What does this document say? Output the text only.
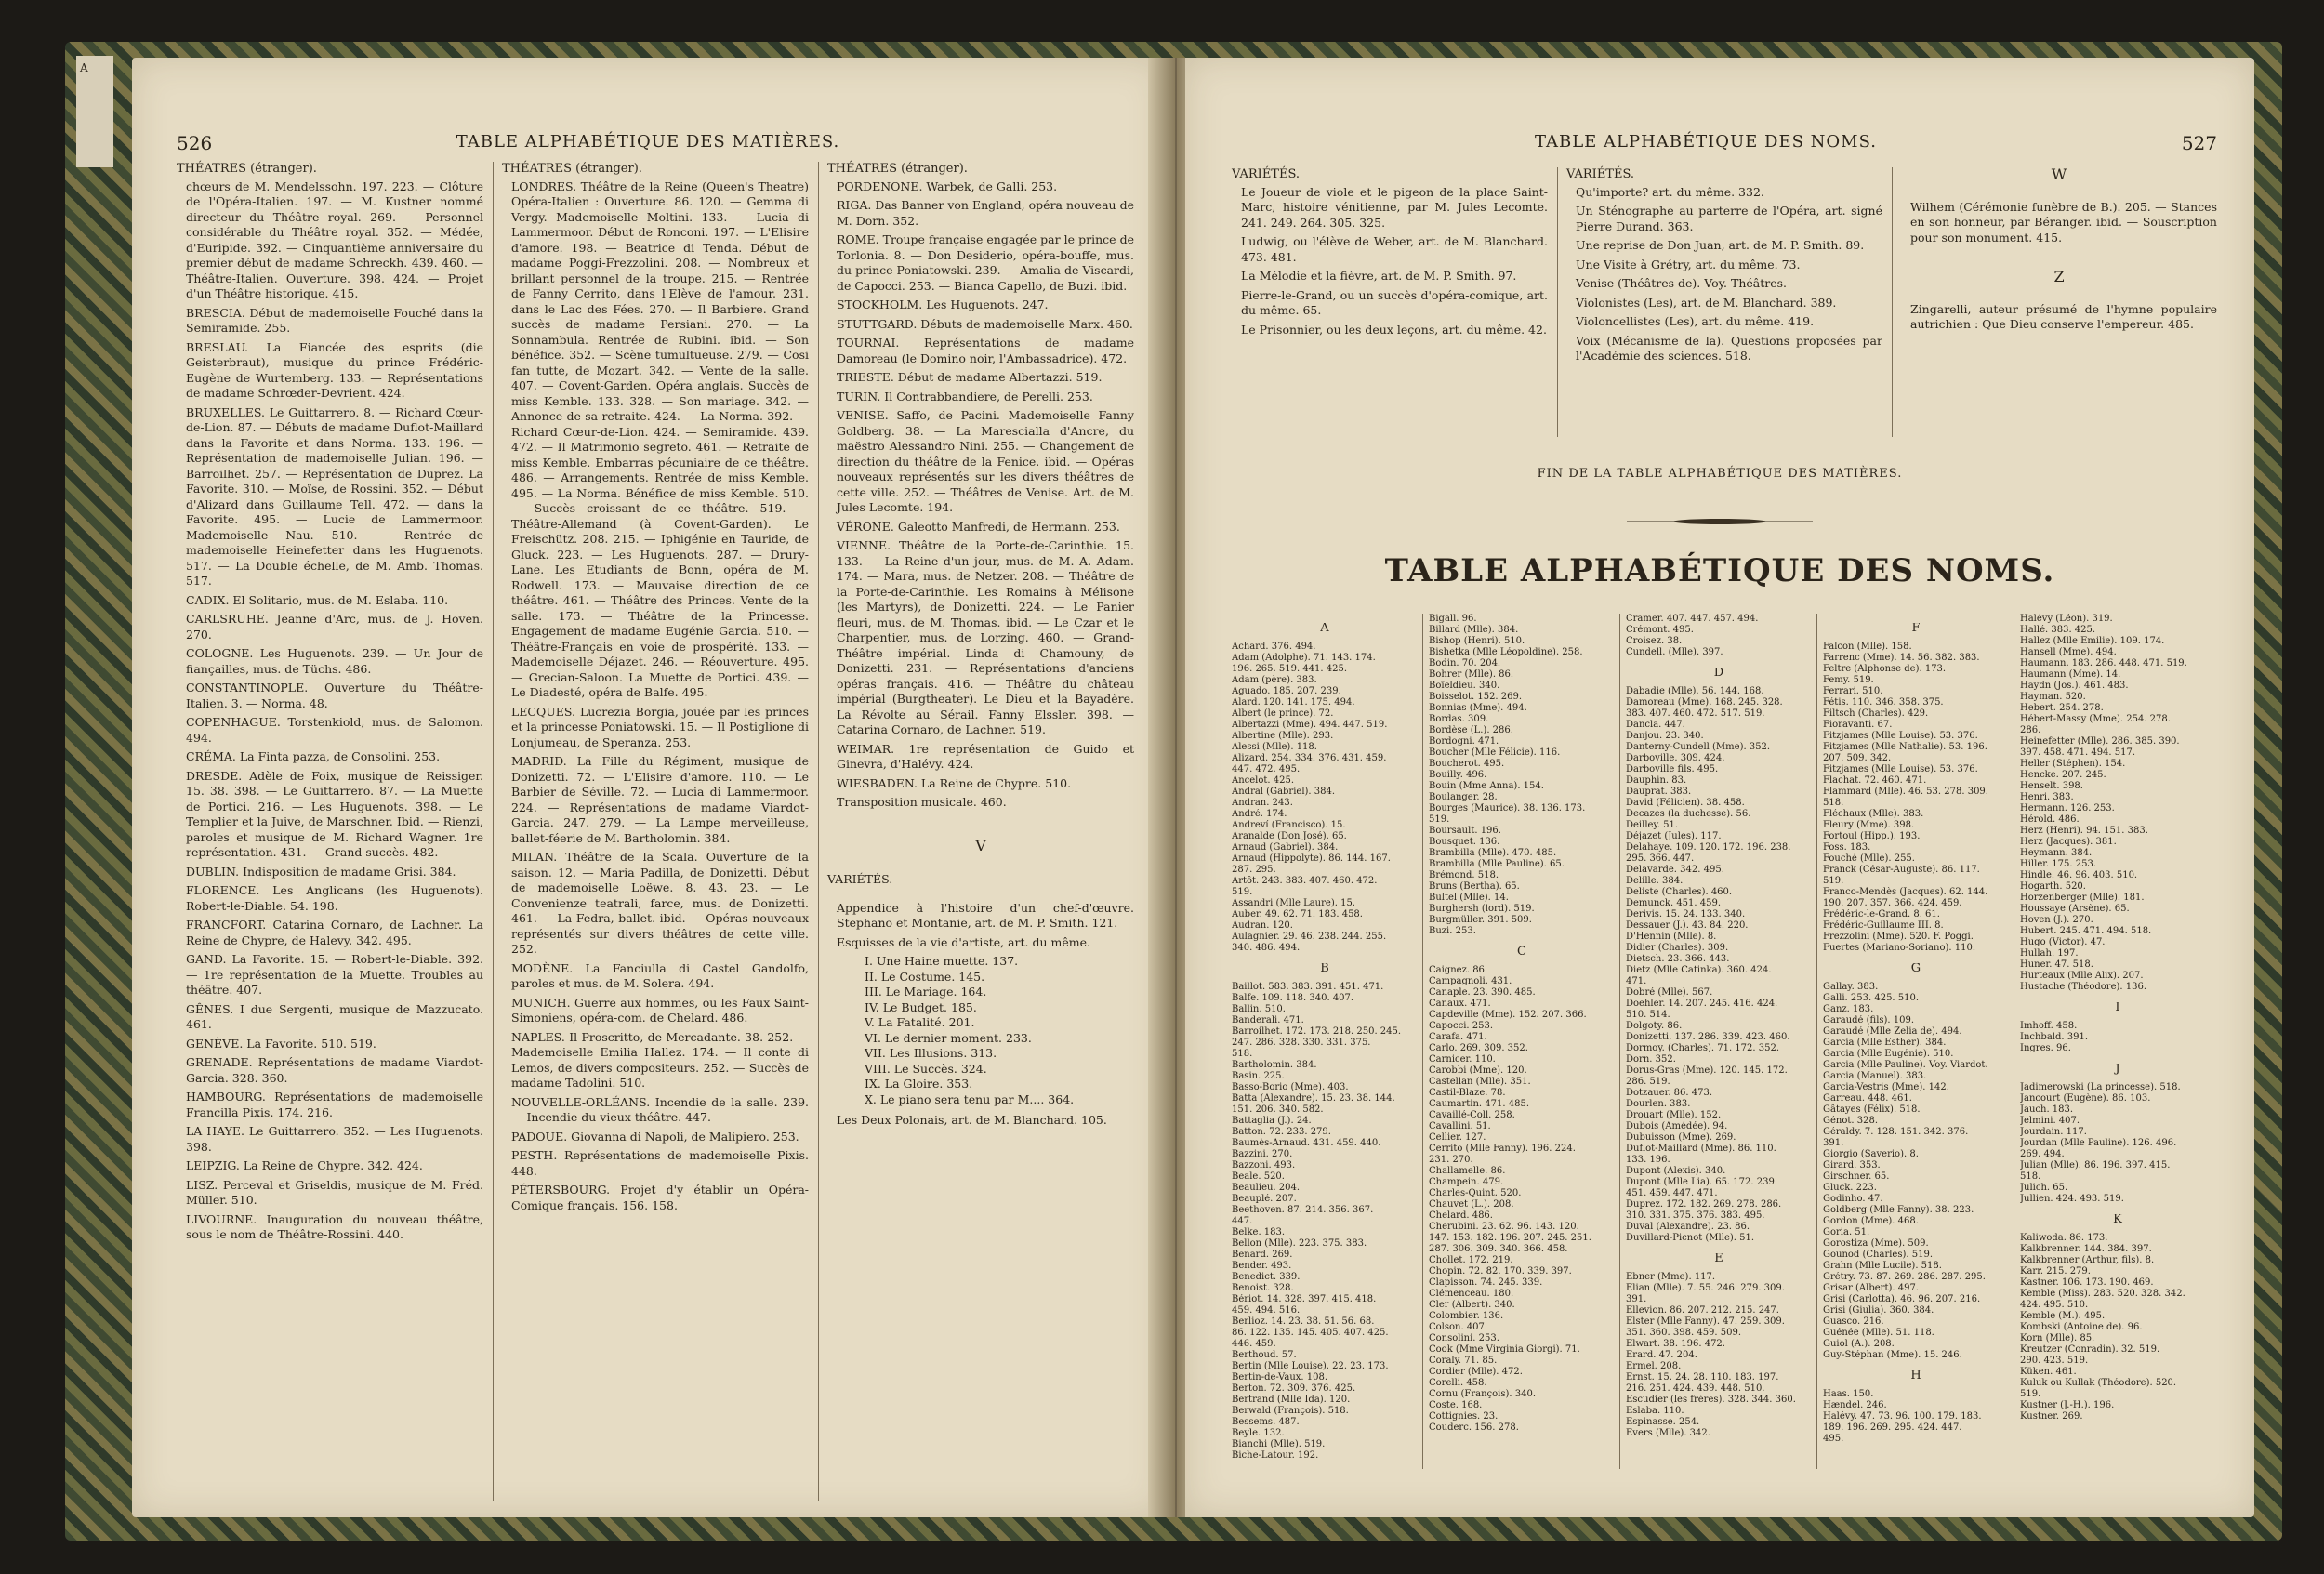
A
526	TABLE ALPHABÉTIQUE DES MATIÈRES.
THÉATRES (étranger).

chœurs de M. Mendelssohn. 197. 223. — Clôture de l'Opéra-Italien. 197. — M. Kustner nommé directeur du Théâtre royal. 269. — Personnel considérable du Théâtre royal. 352. — Médée, d'Euripide. 392. — Cinquantième anniversaire du premier début de madame Schreckh. 439. 460. — Théâtre-Italien. Ouverture. 398. 424. — Projet d'un Théâtre historique. 415.

BRESCIA. Début de mademoiselle Fouché dans la Semiramide. 255.

BRESLAU. La Fiancée des esprits (die Geisterbraut), musique du prince Frédéric-Eugène de Wurtemberg. 133. — Représentations de madame Schrœder-Devrient. 424.

BRUXELLES. Le Guittarrero. 8. — Richard Cœur-de-Lion. 87. — Débuts de madame Duflot-Maillard dans la Favorite et dans Norma. 133. 196. — Représentation de mademoiselle Julian. 196. — Barroilhet. 257. — Représentation de Duprez. La Favorite. 310. — Moïse, de Rossini. 352. — Début d'Alizard dans Guillaume Tell. 472. — dans la Favorite. 495. — Lucie de Lammermoor. Mademoiselle Nau. 510. — Rentrée de mademoiselle Heinefetter dans les Huguenots. 517. — La Double échelle, de M. Amb. Thomas. 517.

CADIX. El Solitario, mus. de M. Eslaba. 110.

CARLSRUHE. Jeanne d'Arc, mus. de J. Hoven. 270.

COLOGNE. Les Huguenots. 239. — Un Jour de fiançailles, mus. de Tüchs. 486.

CONSTANTINOPLE. Ouverture du Théâtre-Italien. 3. — Norma. 48.

COPENHAGUE. Torstenkiold, mus. de Salomon. 494.

CRÉMA. La Finta pazza, de Consolini. 253.

DRESDE. Adèle de Foix, musique de Reissiger. 15. 38. 398. — Le Guittarrero. 87. — La Muette de Portici. 216. — Les Huguenots. 398. — Le Templier et la Juive, de Marschner. Ibid. — Rienzi, paroles et musique de M. Richard Wagner. 1re représentation. 431. — Grand succès. 482.

DUBLIN. Indisposition de madame Grisi. 384.

FLORENCE. Les Anglicans (les Huguenots). Robert-le-Diable. 54. 198.

FRANCFORT. Catarina Cornaro, de Lachner. La Reine de Chypre, de Halevy. 342. 495.

GAND. La Favorite. 15. — Robert-le-Diable. 392. — 1re représentation de la Muette. Troubles au théâtre. 407.

GÊNES. I due Sergenti, musique de Mazzucato. 461.

GENÈVE. La Favorite. 510. 519.

GRENADE. Représentations de madame Viardot-Garcia. 328. 360.

HAMBOURG. Représentations de mademoiselle Francilla Pixis. 174. 216.

LA HAYE. Le Guittarrero. 352. — Les Huguenots. 398.

LEIPZIG. La Reine de Chypre. 342. 424.

LISZ. Perceval et Griseldis, musique de M. Fréd. Müller. 510.

LIVOURNE. Inauguration du nouveau théâtre, sous le nom de Théâtre-Rossini. 440.

THÉATRES (étranger).

LONDRES. Théâtre de la Reine (Queen's Theatre) Opéra-Italien : Ouverture. 86. 120. — Gemma di Vergy. Mademoiselle Moltini. 133. — Lucia di Lammermoor. Début de Ronconi. 197. — L'Elisire d'amore. 198. — Beatrice di Tenda. Début de madame Poggi-Frezzolini. 208. — Nombreux et brillant personnel de la troupe. 215. — Rentrée de Fanny Cerrito, dans l'Elève de l'amour. 231. dans le Lac des Fées. 270. — Il Barbiere. Grand succès de madame Persiani. 270. — La Sonnambula. Rentrée de Rubini. ibid. — Son bénéfice. 352. — Scène tumultueuse. 279. — Cosi fan tutte, de Mozart. 342. — Vente de la salle. 407. — Covent-Garden. Opéra anglais. Succès de miss Kemble. 133. 328. — Son mariage. 342. — Annonce de sa retraite. 424. — La Norma. 392. — Richard Cœur-de-Lion. 424. — Semiramide. 439. 472. — Il Matrimonio segreto. 461. — Retraite de miss Kemble. Embarras pécuniaire de ce théâtre. 486. — Arrangements. Rentrée de miss Kemble. 495. — La Norma. Bénéfice de miss Kemble. 510. — Succès croissant de ce théâtre. 519. — Théâtre-Allemand (à Covent-Garden). Le Freischütz. 208. 215. — Iphigénie en Tauride, de Gluck. 223. — Les Huguenots. 287. — Drury-Lane. Les Etudiants de Bonn, opéra de M. Rodwell. 173. — Mauvaise direction de ce théâtre. 461. — Théâtre des Princes. Vente de la salle. 173. — Théâtre de la Princesse. Engagement de madame Eugénie Garcia. 510. — Théâtre-Français en voie de prospérité. 133. — Mademoiselle Déjazet. 246. — Réouverture. 495. — Grecian-Saloon. La Muette de Portici. 439. — Le Diadesté, opéra de Balfe. 495.

LECQUES. Lucrezia Borgia, jouée par les princes et la princesse Poniatowski. 15. — Il Postiglione di Lonjumeau, de Speranza. 253.

MADRID. La Fille du Régiment, musique de Donizetti. 72. — L'Elisire d'amore. 110. — Le Barbier de Séville. 72. — Lucia di Lammermoor. 224. — Représentations de madame Viardot-Garcia. 247. 279. — La Lampe merveilleuse, ballet-féerie de M. Bartholomin. 384.

MILAN. Théâtre de la Scala. Ouverture de la saison. 12. — Maria Padilla, de Donizetti. Début de mademoiselle Loëwe. 8. 43. 23. — Le Convenienze teatrali, farce, mus. de Donizetti. 461. — La Fedra, ballet. ibid. — Opéras nouveaux représentés sur divers théâtres de cette ville. 252.

MODÈNE. La Fanciulla di Castel Gandolfo, paroles et mus. de M. Solera. 494.

MUNICH. Guerre aux hommes, ou les Faux Saint-Simoniens, opéra-com. de Chelard. 486.

NAPLES. Il Proscritto, de Mercadante. 38. 252. — Mademoiselle Emilia Hallez. 174. — Il conte di Lemos, de divers compositeurs. 252. — Succès de madame Tadolini. 510.

NOUVELLE-ORLÉANS. Incendie de la salle. 239. — Incendie du vieux théâtre. 447.

PADOUE. Giovanna di Napoli, de Malipiero. 253.

PESTH. Représentations de mademoiselle Pixis. 448.

PÉTERSBOURG. Projet d'y établir un Opéra-Comique français. 156. 158.

THÉATRES (étranger).

PORDENONE. Warbek, de Galli. 253.

RIGA. Das Banner von England, opéra nouveau de M. Dorn. 352.

ROME. Troupe française engagée par le prince de Torlonia. 8. — Don Desiderio, opéra-bouffe, mus. du prince Poniatowski. 239. — Amalia de Viscardi, de Capocci. 253. — Bianca Capello, de Buzi. ibid.

STOCKHOLM. Les Huguenots. 247.

STUTTGARD. Débuts de mademoiselle Marx. 460.

TOURNAI. Représentations de madame Damoreau (le Domino noir, l'Ambassadrice). 472.

TRIESTE. Début de madame Albertazzi. 519.

TURIN. Il Contrabbandiere, de Perelli. 253.

VENISE. Saffo, de Pacini. Mademoiselle Fanny Goldberg. 38. — La Marescialla d'Ancre, du maëstro Alessandro Nini. 255. — Changement de direction du théâtre de la Fenice. ibid. — Opéras nouveaux représentés sur les divers théâtres de cette ville. 252. — Théâtres de Venise. Art. de M. Jules Lecomte. 194.

VÉRONE. Galeotto Manfredi, de Hermann. 253.

VIENNE. Théâtre de la Porte-de-Carinthie. 15. 133. — La Reine d'un jour, mus. de M. A. Adam. 174. — Mara, mus. de Netzer. 208. — Théâtre de la Porte-de-Carinthie. Les Romains à Mélisone (les Martyrs), de Donizetti. 224. — Le Panier fleuri, mus. de M. Thomas. ibid. — Le Czar et le Charpentier, mus. de Lorzing. 460. — Grand-Théâtre impérial. Linda di Chamouny, de Donizetti. 231. — Représentations d'anciens opéras français. 416. — Théâtre du château impérial (Burgtheater). Le Dieu et la Bayadère. La Révolte au Sérail. Fanny Elssler. 398. — Catarina Cornaro, de Lachner. 519.

WEIMAR. 1re représentation de Guido et Ginevra, d'Halévy. 424.

WIESBADEN. La Reine de Chypre. 510.

Transposition musicale. 460.

V
VARIÉTÉS.

Appendice à l'histoire d'un chef-d'œuvre. Stephano et Montanie, art. de M. P. Smith. 121.

Esquisses de la vie d'artiste, art. du même.

I. Une Haine muette. 137.
II. Le Costume. 145.
III. Le Mariage. 164.
IV. Le Budget. 185.
V. La Fatalité. 201.
VI. Le dernier moment. 233.
VII. Les Illusions. 313.
VIII. Le Succès. 324.
IX. La Gloire. 353.
X. Le piano sera tenu par M.... 364.

Les Deux Polonais, art. de M. Blanchard. 105.

TABLE ALPHABÉTIQUE DES NOMS.	527
VARIÉTÉS.

Le Joueur de viole et le pigeon de la place Saint-Marc, histoire vénitienne, par M. Jules Lecomte. 241. 249. 264. 305. 325.

Ludwig, ou l'élève de Weber, art. de M. Blanchard. 473. 481.

La Mélodie et la fièvre, art. de M. P. Smith. 97.

Pierre-le-Grand, ou un succès d'opéra-comique, art. du même. 65.

Le Prisonnier, ou les deux leçons, art. du même. 42.

VARIÉTÉS.

Qu'importe? art. du même. 332.

Un Sténographe au parterre de l'Opéra, art. signé Pierre Durand. 363.

Une reprise de Don Juan, art. de M. P. Smith. 89.

Une Visite à Grétry, art. du même. 73.

Venise (Théâtres de). Voy. Théâtres.

Violonistes (Les), art. de M. Blanchard. 389.

Violoncellistes (Les), art. du même. 419.

Voix (Mécanisme de la). Questions proposées par l'Académie des sciences. 518.

W

Wilhem (Cérémonie funèbre de B.). 205. — Stances en son honneur, par Béranger. ibid. — Souscription pour son monument. 415.

Z

Zingarelli, auteur présumé de l'hymne populaire autrichien : Que Dieu conserve l'empereur. 485.

FIN DE LA TABLE ALPHABÉTIQUE DES MATIÈRES.
TABLE ALPHABÉTIQUE DES NOMS.
A
Achard. 376. 494.
Adam (Adolphe). 71. 143. 174.
196. 265. 519. 441. 425.
Adam (père). 383.
Aguado. 185. 207. 239.
Alard. 120. 141. 175. 494.
Albert (le prince). 72.
Albertazzi (Mme). 494. 447. 519.
Albertine (Mlle). 293.
Alessi (Mlle). 118.
Alizard. 254. 334. 376. 431. 459.
447. 472. 495.
Ancelot. 425.
Andral (Gabriel). 384.
Andran. 243.
André. 174.
Andreví (Francisco). 15.
Aranalde (Don José). 65.
Arnaud (Gabriel). 384.
Arnaud (Hippolyte). 86. 144. 167.
287. 295.
Artôt. 243. 383. 407. 460. 472.
519.
Assandri (Mlle Laure). 15.
Auber. 49. 62. 71. 183. 458.
Audran. 120.
Aulagnier. 29. 46. 238. 244. 255.
340. 486. 494.
B
Baillot. 583. 383. 391. 451. 471.
Balfe. 109. 118. 340. 407.
Ballin. 510.
Banderali. 471.
Barroilhet. 172. 173. 218. 250. 245.
247. 286. 328. 330. 331. 375.
518.
Bartholomin. 384.
Basin. 225.
Basso-Borio (Mme). 403.
Batta (Alexandre). 15. 23. 38. 144.
151. 206. 340. 582.
Battaglia (J.). 24.
Batton. 72. 233. 279.
Baumès-Arnaud. 431. 459. 440.
Bazzini. 270.
Bazzoni. 493.
Beale. 520.
Beaulieu. 204.
Beauplé. 207.
Beethoven. 87. 214. 356. 367.
447.
Belke. 183.
Bellon (Mlle). 223. 375. 383.
Benard. 269.
Bender. 493.
Benedict. 339.
Benoist. 328.
Bériot. 14. 328. 397. 415. 418.
459. 494. 516.
Berlioz. 14. 23. 38. 51. 56. 68.
86. 122. 135. 145. 405. 407. 425.
446. 459.
Berthoud. 57.
Bertin (Mlle Louise). 22. 23. 173.
Bertin-de-Vaux. 108.
Berton. 72. 309. 376. 425.
Bertrand (Mlle Ida). 120.
Berwald (François). 518.
Bessems. 487.
Beyle. 132.
Bianchi (Mlle). 519.
Biche-Latour. 192.
Bigall. 96.
Billard (Mlle). 384.
Bishop (Henri). 510.
Bishetka (Mlle Léopoldine). 258.
Bodin. 70. 204.
Bohrer (Mlle). 86.
Boïeldieu. 340.
Boisselot. 152. 269.
Bonnias (Mme). 494.
Bordas. 309.
Bordèse (L.). 286.
Bordogni. 471.
Boucher (Mlle Félicie). 116.
Boucherot. 495.
Bouilly. 496.
Bouin (Mme Anna). 154.
Boulanger. 28.
Bourges (Maurice). 38. 136. 173.
519.
Boursault. 196.
Bousquet. 136.
Brambilla (Mlle). 470. 485.
Brambilla (Mlle Pauline). 65.
Brémond. 518.
Bruns (Bertha). 65.
Bultel (Mlle). 14.
Burghersh (lord). 519.
Burgmüller. 391. 509.
Buzi. 253.
C
Caignez. 86.
Campagnoli. 431.
Canaple. 23. 390. 485.
Canaux. 471.
Capdeville (Mme). 152. 207. 366.
Capocci. 253.
Carafa. 471.
Carlo. 269. 309. 352.
Carnicer. 110.
Carobbi (Mme). 120.
Castellan (Mlle). 351.
Castil-Blaze. 78.
Caumartin. 471. 485.
Cavaillé-Coll. 258.
Cavallini. 51.
Cellier. 127.
Cerrito (Mlle Fanny). 196. 224.
231. 270.
Challamelle. 86.
Champein. 479.
Charles-Quint. 520.
Chauvet (L.). 208.
Chelard. 486.
Cherubini. 23. 62. 96. 143. 120.
147. 153. 182. 196. 207. 245. 251.
287. 306. 309. 340. 366. 458.
Chollet. 172. 219.
Chopin. 72. 82. 170. 339. 397.
Clapisson. 74. 245. 339.
Clémenceau. 180.
Cler (Albert). 340.
Colombier. 136.
Colson. 407.
Consolini. 253.
Cook (Mme Virginia Giorgi). 71.
Coraly. 71. 85.
Cordier (Mlle). 472.
Corelli. 458.
Cornu (François). 340.
Coste. 168.
Cottignies. 23.
Couderc. 156. 278.
Cramer. 407. 447. 457. 494.
Crémont. 495.
Croisez. 38.
Cundell. (Mlle). 397.
D
Dabadie (Mlle). 56. 144. 168.
Damoreau (Mme). 168. 245. 328.
383. 407. 460. 472. 517. 519.
Dancla. 447.
Danjou. 23. 340.
Danterny-Cundell (Mme). 352.
Darboville. 309. 424.
Darboville fils. 495.
Dauphin. 83.
Dauprat. 383.
David (Félicien). 38. 458.
Decazes (la duchesse). 56.
Deilley. 51.
Déjazet (Jules). 117.
Delahaye. 109. 120. 172. 196. 238.
295. 366. 447.
Delavarde. 342. 495.
Delille. 384.
Deliste (Charles). 460.
Demunck. 451. 459.
Derivis. 15. 24. 133. 340.
Dessauer (J.). 43. 84. 220.
D'Hennin (Mlle). 8.
Didier (Charles). 309.
Dietsch. 23. 366. 443.
Dietz (Mlle Catinka). 360. 424.
471.
Dobré (Mlle). 567.
Doehler. 14. 207. 245. 416. 424.
510. 514.
Dolgoty. 86.
Donizetti. 137. 286. 339. 423. 460.
Dormoy. (Charles). 71. 172. 352.
Dorn. 352.
Dorus-Gras (Mme). 120. 145. 172.
286. 519.
Dotzauer. 86. 473.
Dourlen. 383.
Drouart (Mlle). 152.
Dubois (Amédée). 94.
Dubuisson (Mme). 269.
Duflot-Maillard (Mme). 86. 110.
133. 196.
Dupont (Alexis). 340.
Dupont (Mlle Lia). 65. 172. 239.
451. 459. 447. 471.
Duprez. 172. 182. 269. 278. 286.
310. 331. 375. 376. 383. 495.
Duval (Alexandre). 23. 86.
Duvillard-Picnot (Mlle). 51.
E
Ebner (Mme). 117.
Elian (Mlle). 7. 55. 246. 279. 309.
391.
Ellevion. 86. 207. 212. 215. 247.
Elster (Mlle Fanny). 47. 259. 309.
351. 360. 398. 459. 509.
Elwart. 38. 196. 472.
Erard. 47. 204.
Ermel. 208.
Ernst. 15. 24. 28. 110. 183. 197.
216. 251. 424. 439. 448. 510.
Escudier (les frères). 328. 344. 360.
Eslaba. 110.
Espinasse. 254.
Evers (Mlle). 342.
F
Falcon (Mlle). 158.
Farrenc (Mme). 14. 56. 382. 383.
Feltre (Alphonse de). 173.
Femy. 519.
Ferrari. 510.
Fétis. 110. 346. 358. 375.
Filtsch (Charles). 429.
Fioravanti. 67.
Fitzjames (Mlle Louise). 53. 376.
Fitzjames (Mlle Nathalie). 53. 196.
207. 509. 342.
Fitzjames (Mlle Louise). 53. 376.
Flachat. 72. 460. 471.
Flammard (Mlle). 46. 53. 278. 309.
518.
Fléchaux (Mlle). 383.
Fleury (Mme). 398.
Fortoul (Hipp.). 193.
Foss. 183.
Fouché (Mlle). 255.
Franck (César-Auguste). 86. 117.
519.
Franco-Mendès (Jacques). 62. 144.
190. 207. 357. 366. 424. 459.
Frédéric-le-Grand. 8. 61.
Frédéric-Guillaume III. 8.
Frezzolini (Mme). 520. F. Poggi.
Fuertes (Mariano-Soriano). 110.
G
Gallay. 383.
Galli. 253. 425. 510.
Ganz. 183.
Garaudé (fils). 109.
Garaudé (Mlle Zelia de). 494.
Garcia (Mlle Esther). 384.
Garcia (Mlle Eugénie). 510.
Garcia (Mlle Pauline). Voy. Viardot.
Garcia (Manuel). 383.
Garcia-Vestris (Mme). 142.
Garreau. 448. 461.
Gâtayes (Félix). 518.
Génot. 328.
Géraldy. 7. 128. 151. 342. 376.
391.
Giorgio (Saverio). 8.
Girard. 353.
Girschner. 65.
Gluck. 223.
Godinho. 47.
Goldberg (Mlle Fanny). 38. 223.
Gordon (Mme). 468.
Goria. 51.
Gorostiza (Mme). 509.
Gounod (Charles). 519.
Grahn (Mlle Lucile). 518.
Grétry. 73. 87. 269. 286. 287. 295.
Grisar (Albert). 497.
Grisi (Carlotta). 46. 96. 207. 216.
Grisi (Giulia). 360. 384.
Guasco. 216.
Guénée (Mlle). 51. 118.
Guiol (A.). 208.
Guy-Stéphan (Mme). 15. 246.
H
Haas. 150.
Hændel. 246.
Halévy. 47. 73. 96. 100. 179. 183.
189. 196. 269. 295. 424. 447.
495.
Halévy (Léon). 319.
Hallé. 383. 425.
Hallez (Mlle Emilie). 109. 174.
Hansell (Mme). 494.
Haumann. 183. 286. 448. 471. 519.
Haumann (Mme). 14.
Haydn (Jos.). 461. 483.
Hayman. 520.
Hebert. 254. 278.
Hébert-Massy (Mme). 254. 278.
286.
Heinefetter (Mlle). 286. 385. 390.
397. 458. 471. 494. 517.
Heller (Stéphen). 154.
Hencke. 207. 245.
Henselt. 398.
Henri. 383.
Hermann. 126. 253.
Hérold. 486.
Herz (Henri). 94. 151. 383.
Herz (Jacques). 381.
Heymann. 384.
Hiller. 175. 253.
Hindle. 46. 96. 403. 510.
Hogarth. 520.
Horzenberger (Mlle). 181.
Houssaye (Arsène). 65.
Hoven (J.). 270.
Hubert. 245. 471. 494. 518.
Hugo (Victor). 47.
Hullah. 197.
Huner. 47. 518.
Hurteaux (Mlle Alix). 207.
Hustache (Théodore). 136.
I
Imhoff. 458.
Inchbald. 391.
Ingres. 96.
J
Jadimerowski (La princesse). 518.
Jancourt (Eugène). 86. 103.
Jauch. 183.
Jelmini. 407.
Jourdain. 117.
Jourdan (Mlle Pauline). 126. 496.
269. 494.
Julian (Mlle). 86. 196. 397. 415.
518.
Julich. 65.
Jullien. 424. 493. 519.
K
Kaliwoda. 86. 173.
Kalkbrenner. 144. 384. 397.
Kalkbrenner (Arthur, fils). 8.
Karr. 215. 279.
Kastner. 106. 173. 190. 469.
Kemble (Miss). 283. 520. 328. 342.
424. 495. 510.
Kemble (M.). 495.
Kombski (Antoine de). 96.
Korn (Mlle). 85.
Kreutzer (Conradin). 32. 519.
290. 423. 519.
Küken. 461.
Kuluk ou Kullak (Théodore). 520.
519.
Kustner (J.-H.). 196.
Kustner. 269.
